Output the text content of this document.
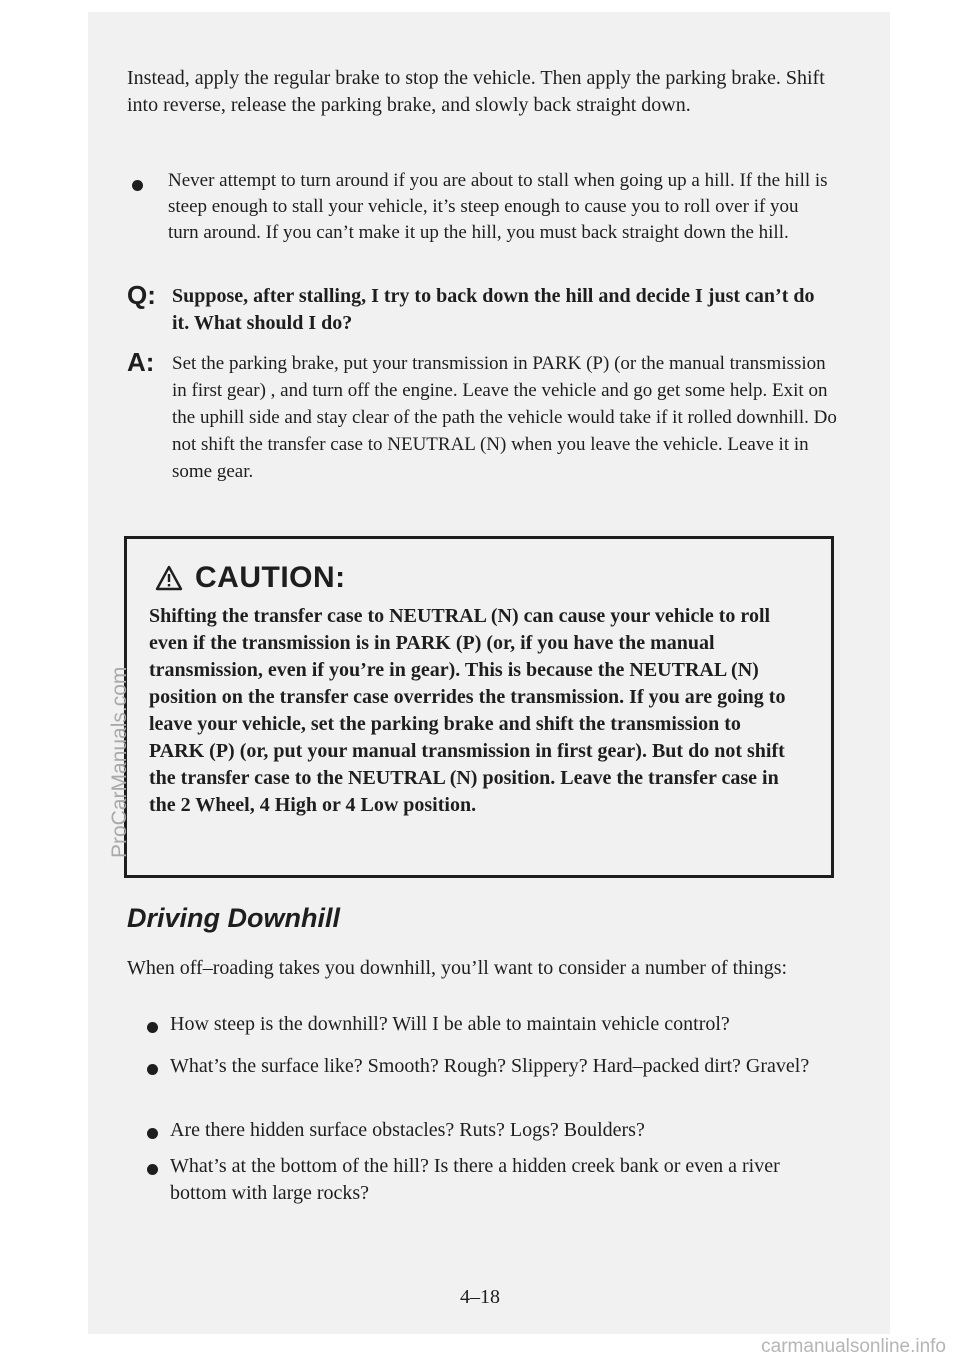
Instead, apply the regular brake to stop the vehicle. Then apply the parking brake. Shift into reverse, release the parking brake, and slowly back straight down.

Never attempt to turn around if you are about to stall when going up a hill. If the hill is steep enough to stall your vehicle, it’s steep enough to cause you to roll over if you turn around. If you can’t make it up the hill, you must back straight down the hill.

Q: Suppose, after stalling, I try to back down the hill and decide I just can’t do it. What should I do?

A: Set the parking brake, put your transmission in PARK (P) (or the manual transmission in first gear) , and turn off the engine. Leave the vehicle and go get some help. Exit on the uphill side and stay clear of the path the vehicle would take if it rolled downhill. Do not shift the transfer case to NEUTRAL (N) when you leave the vehicle. Leave it in some gear.

CAUTION:

Shifting the transfer case to NEUTRAL (N) can cause your vehicle to roll even if the transmission is in PARK (P) (or, if you have the manual transmission, even if you’re in gear). This is because the NEUTRAL (N) position on the transfer case overrides the transmission. If you are going to leave your vehicle, set the parking brake and shift the transmission to PARK (P) (or, put your manual transmission in first gear). But do not shift the transfer case to the NEUTRAL (N) position. Leave the transfer case in the 2 Wheel, 4 High or 4 Low position.

Driving Downhill

When off–roading takes you downhill, you’ll want to consider a number of things:

How steep is the downhill? Will I be able to maintain vehicle control?

What’s the surface like? Smooth? Rough? Slippery? Hard–packed dirt? Gravel?

Are there hidden surface obstacles? Ruts? Logs? Boulders?

What’s at the bottom of the hill? Is there a hidden creek bank or even a river bottom with large rocks?

4–18
ProCarManuals.com
carmanualsonline.info
